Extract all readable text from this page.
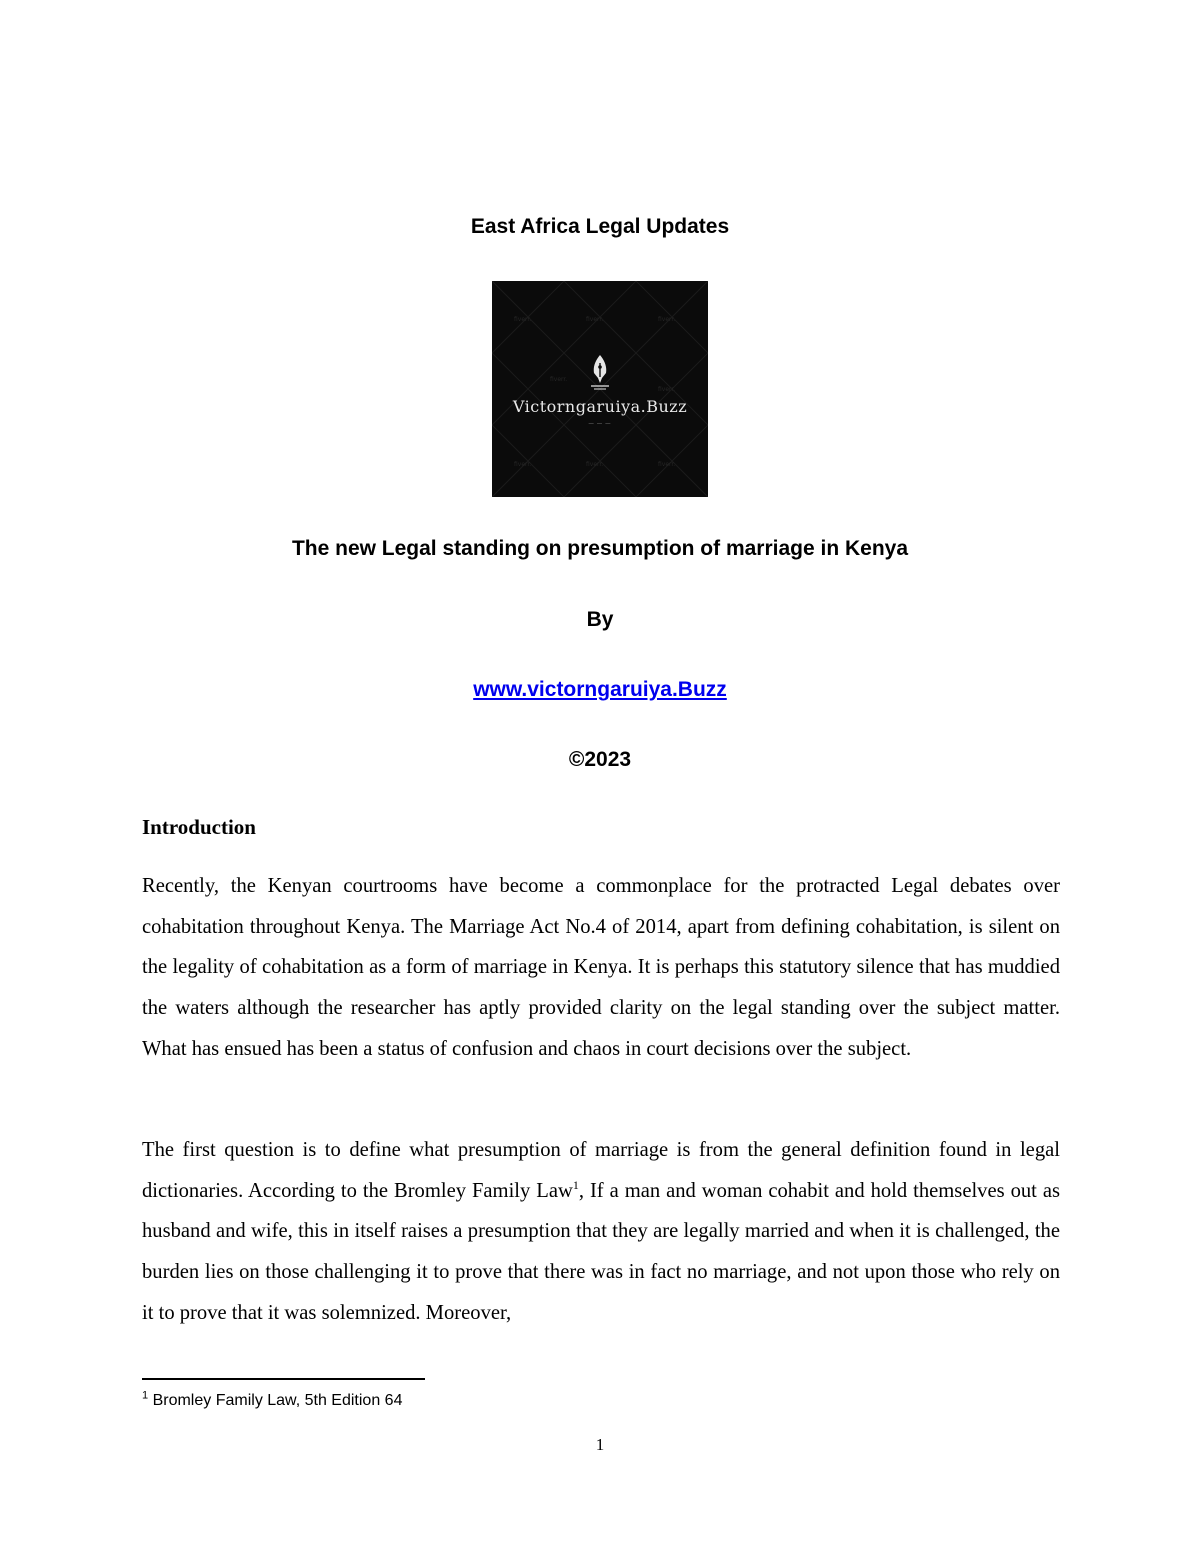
East Africa Legal Updates
fiverr.	fiverr.	fiverr.
fiverr.
fiverr.
fiverr.	fiverr.	fiverr.
Victorngaruiya.Buzz
— — —
The new Legal standing on presumption of marriage in Kenya
By
www.victorngaruiya.Buzz
©2023
Introduction
Recently, the Kenyan courtrooms have become a commonplace for the protracted Legal debates over cohabitation throughout Kenya. The Marriage Act No.4 of 2014, apart from defining cohabitation, is silent on the legality of cohabitation as a form of marriage in Kenya. It is perhaps this statutory silence that has muddied the waters although the researcher has aptly provided clarity on the legal standing over the subject matter. What has ensued has been a status of confusion and chaos in court decisions over the subject.
The first question is to define what presumption of marriage is from the general definition found in legal dictionaries. According to the Bromley Family Law$^1$, If a man and woman cohabit and hold themselves out as husband and wife, this in itself raises a presumption that they are legally married and when it is challenged, the burden lies on those challenging it to prove that there was in fact no marriage, and not upon those who rely on it to prove that it was solemnized. Moreover,
$^1$ Bromley Family Law, 5th Edition 64
1
